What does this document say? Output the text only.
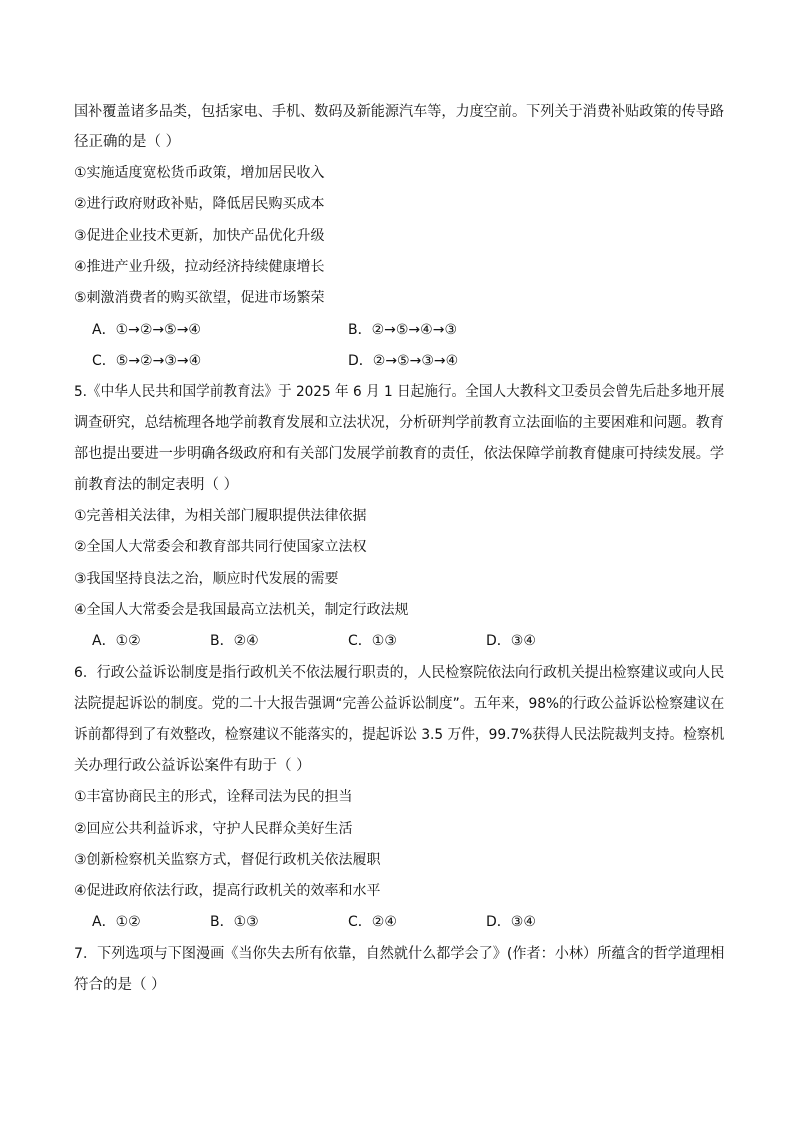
国补覆盖诸多品类，包括家电、手机、数码及新能源汽车等，力度空前。下列关于消费补贴政策的传导路
径正确的是（ ）
①实施适度宽松货币政策，增加居民收入
②进行政府财政补贴，降低居民购买成本
③促进企业技术更新，加快产品优化升级
④推进产业升级，拉动经济持续健康增长
⑤刺激消费者的购买欲望，促进市场繁荣
A．①→②→⑤→④	B．②→⑤→④→③
C．⑤→②→③→④	D．②→⑤→③→④
5.《中华人民共和国学前教育法》于 2025 年 6 月 1 日起施行。全国人大教科文卫委员会曾先后赴多地开展
调查研究，总结梳理各地学前教育发展和立法状况，分析研判学前教育立法面临的主要困难和问题。教育
部也提出要进一步明确各级政府和有关部门发展学前教育的责任，依法保障学前教育健康可持续发展。学
前教育法的制定表明（ ）
①完善相关法律，为相关部门履职提供法律依据
②全国人大常委会和教育部共同行使国家立法权
③我国坚持良法之治，顺应时代发展的需要
④全国人大常委会是我国最高立法机关，制定行政法规
A．①②	B．②④	C．①③	D．③④
6．行政公益诉讼制度是指行政机关不依法履行职责的，人民检察院依法向行政机关提出检察建议或向人民
法院提起诉讼的制度。党的二十大报告强调“完善公益诉讼制度”。五年来，98%的行政公益诉讼检察建议在
诉前都得到了有效整改，检察建议不能落实的，提起诉讼 3.5 万件，99.7%获得人民法院裁判支持。检察机
关办理行政公益诉讼案件有助于（ ）
①丰富协商民主的形式，诠释司法为民的担当
②回应公共利益诉求，守护人民群众美好生活
③创新检察机关监察方式，督促行政机关依法履职
④促进政府依法行政，提高行政机关的效率和水平
A．①②	B．①③	C．②④	D．③④
7．下列选项与下图漫画《当你失去所有依靠，自然就什么都学会了》(作者：小林）所蕴含的哲学道理相
符合的是（ ）
